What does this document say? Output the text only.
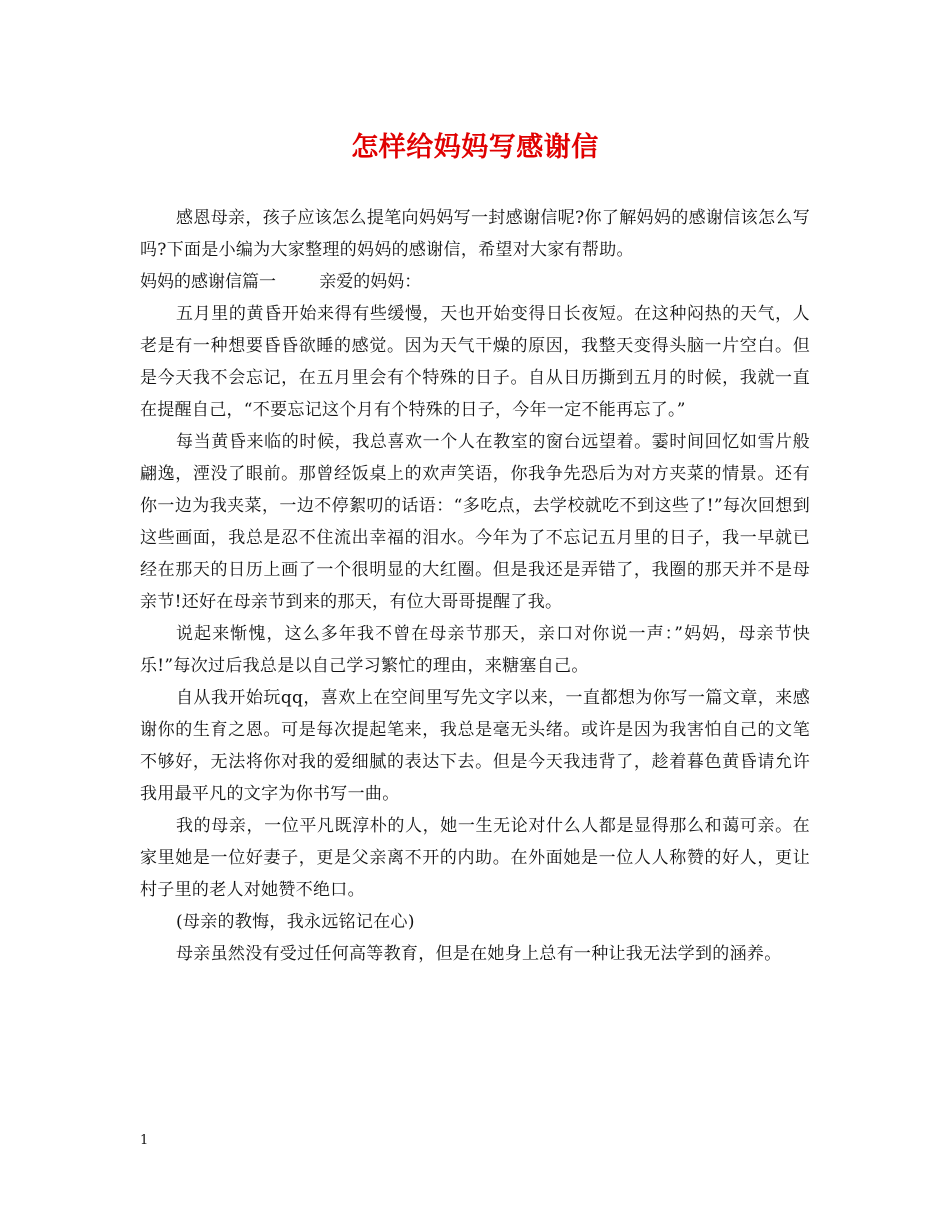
怎样给妈妈写感谢信

感恩母亲，孩子应该怎么提笔向妈妈写一封感谢信呢?你了解妈妈的感谢信该怎么写吗?下面是小编为大家整理的妈妈的感谢信，希望对大家有帮助。

妈妈的感谢信篇一	亲爱的妈妈：

五月里的黄昏开始来得有些缓慢，天也开始变得日长夜短。在这种闷热的天气，人老是有一种想要昏昏欲睡的感觉。因为天气干燥的原因，我整天变得头脑一片空白。但是今天我不会忘记，在五月里会有个特殊的日子。自从日历撕到五月的时候，我就一直在提醒自己，“不要忘记这个月有个特殊的日子，今年一定不能再忘了。”

每当黄昏来临的时候，我总喜欢一个人在教室的窗台远望着。霎时间回忆如雪片般翩逸，湮没了眼前。那曾经饭桌上的欢声笑语，你我争先恐后为对方夹菜的情景。还有你一边为我夹菜，一边不停絮叨的话语：“多吃点，去学校就吃不到这些了!”每次回想到这些画面，我总是忍不住流出幸福的泪水。今年为了不忘记五月里的日子，我一早就已经在那天的日历上画了一个很明显的大红圈。但是我还是弄错了，我圈的那天并不是母亲节!还好在母亲节到来的那天，有位大哥哥提醒了我。

说起来惭愧，这么多年我不曾在母亲节那天，亲口对你说一声：”妈妈，母亲节快乐!”每次过后我总是以自己学习繁忙的理由，来糖塞自己。

自从我开始玩qq，喜欢上在空间里写先文字以来，一直都想为你写一篇文章，来感谢你的生育之恩。可是每次提起笔来，我总是毫无头绪。或许是因为我害怕自己的文笔不够好，无法将你对我的爱细腻的表达下去。但是今天我违背了，趁着暮色黄昏请允许我用最平凡的文字为你书写一曲。

我的母亲，一位平凡既淳朴的人，她一生无论对什么人都是显得那么和蔼可亲。在家里她是一位好妻子，更是父亲离不开的内助。在外面她是一位人人称赞的好人，更让村子里的老人对她赞不绝口。

(母亲的教悔，我永远铭记在心)

母亲虽然没有受过任何高等教育，但是在她身上总有一种让我无法学到的涵养。

1
